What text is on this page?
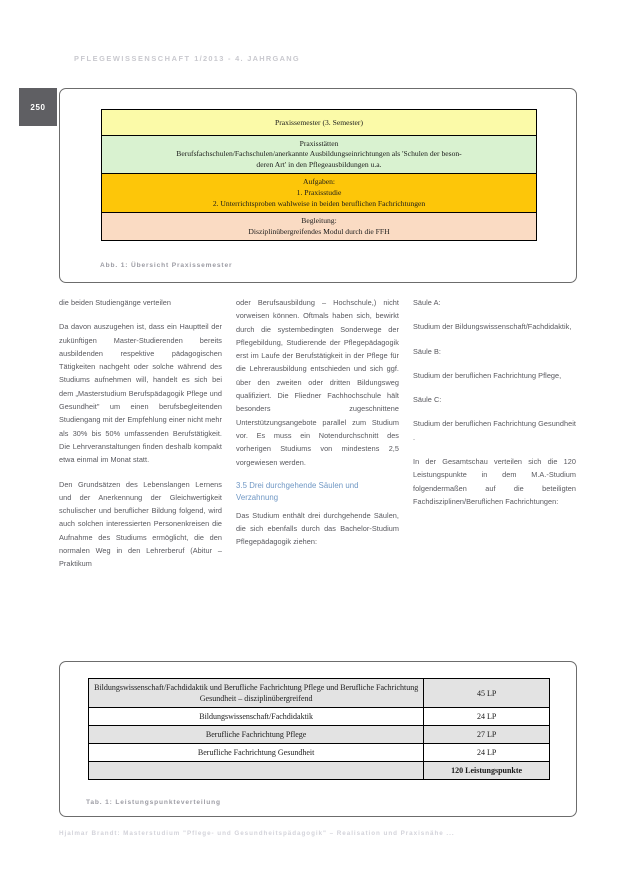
PFLEGEWISSENSCHAFT 1/2013 - 4. JAHRGANG
250
Praxissemester (3. Semester)
Praxisstätten
Berufsfachschulen/Fachschulen/anerkannte Ausbildungseinrichtungen als 'Schulen der beson-
deren Art' in den Pflegeausbildungen u.a.
Aufgaben:
1. Praxisstudie
2. Unterrichtsproben wahlweise in beiden beruflichen Fachrichtungen
Begleitung:
Disziplinübergreifendes Modul durch die FFH
Abb. 1: Übersicht Praxissemester

die beiden Studiengänge verteilen

Da davon auszugehen ist, dass ein Hauptteil der zukünftigen Master-Studierenden bereits ausbildenden respektive pädagogischen Tätigkeiten nachgeht oder solche während des Studiums aufnehmen will, handelt es sich bei dem „Masterstudium Berufspädagogik Pflege und Gesundheit" um einen berufsbegleitenden Studiengang mit der Empfehlung einer nicht mehr als 30% bis 50% umfassenden Berufstätigkeit. Die Lehrveranstaltungen finden deshalb kompakt etwa einmal im Monat statt.

Den Grundsätzen des Lebenslangen Lernens und der Anerkennung der Gleichwertigkeit schulischer und beruflicher Bildung folgend, wird auch solchen interessierten Personenkreisen die Aufnahme des Studiums ermöglicht, die den normalen Weg in den Lehrerberuf (Abitur – Praktikum

oder Berufsausbildung – Hochschule,) nicht vorweisen können. Oftmals haben sich, bewirkt durch die systembedingten Sonderwege der Pflegebildung, Studierende der Pflegepädagogik erst im Laufe der Berufstätigkeit in der Pflege für die Lehrerausbildung entschieden und sich ggf. über den zweiten oder dritten Bildungsweg qualifiziert. Die Fliedner Fachhochschule hält besonders zugeschnittene Unterstützungsangebote parallel zum Studium vor. Es muss ein Notendurchschnitt des vorherigen Studiums von mindestens 2,5 vorgewiesen werden.

3.5 Drei durchgehende Säulen und Verzahnung

Das Studium enthält drei durchgehende Säulen, die sich ebenfalls durch das Bachelor-Studium Pflegepädagogik ziehen:

Säule A:

Studium der Bildungswissenschaft/Fachdidaktik,

Säule B:

Studium der beruflichen Fachrichtung Pflege,

Säule C:

Studium der beruflichen Fachrichtung Gesundheit .

In der Gesamtschau verteilen sich die 120 Leistungspunkte in dem M.A.-Studium folgendermaßen auf die beteiligten Fachdisziplinen/Beruflichen Fachrichtungen:

Bildungswissenschaft/Fachdidaktik und Berufliche Fachrichtung Pflege und Berufliche Fachrichtung Gesundheit – disziplinübergreifend	45 LP
Bildungswissenschaft/Fachdidaktik	24 LP
Berufliche Fachrichtung Pflege	27 LP
Berufliche Fachrichtung Gesundheit	24 LP
	120 Leistungspunkte
Tab. 1: Leistungspunkteverteilung
Hjalmar Brandt: Masterstudium "Pflege- und Gesundheitspädagogik" – Realisation und Praxisnähe ...
